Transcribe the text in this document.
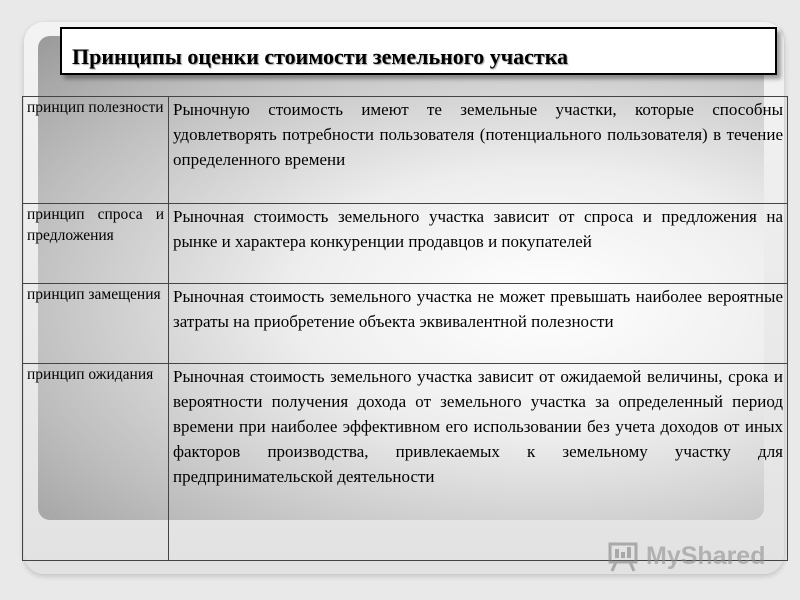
Принципы оценки стоимости земельного участка
принцип полезности	Рыночную стоимость имеют те земельные участки, которые способны удовлетворять потребности пользователя (потенциального пользователя) в течение определенного времени
принцип спроса и предложения	Рыночная стоимость земельного участка зависит от спроса и предложения на рынке и характера конкуренции продавцов и покупателей
принцип замещения	Рыночная стоимость земельного участка не может превышать наиболее вероятные затраты на приобретение объекта эквивалентной полезности
принцип ожидания	Рыночная стоимость земельного участка зависит от ожидаемой величины, срока и вероятности получения дохода от земельного участка за определенный период времени при наиболее эффективном его использовании без учета доходов от иных факторов производства, привлекаемых к земельному участку для предпринимательской деятельности
MyShared
